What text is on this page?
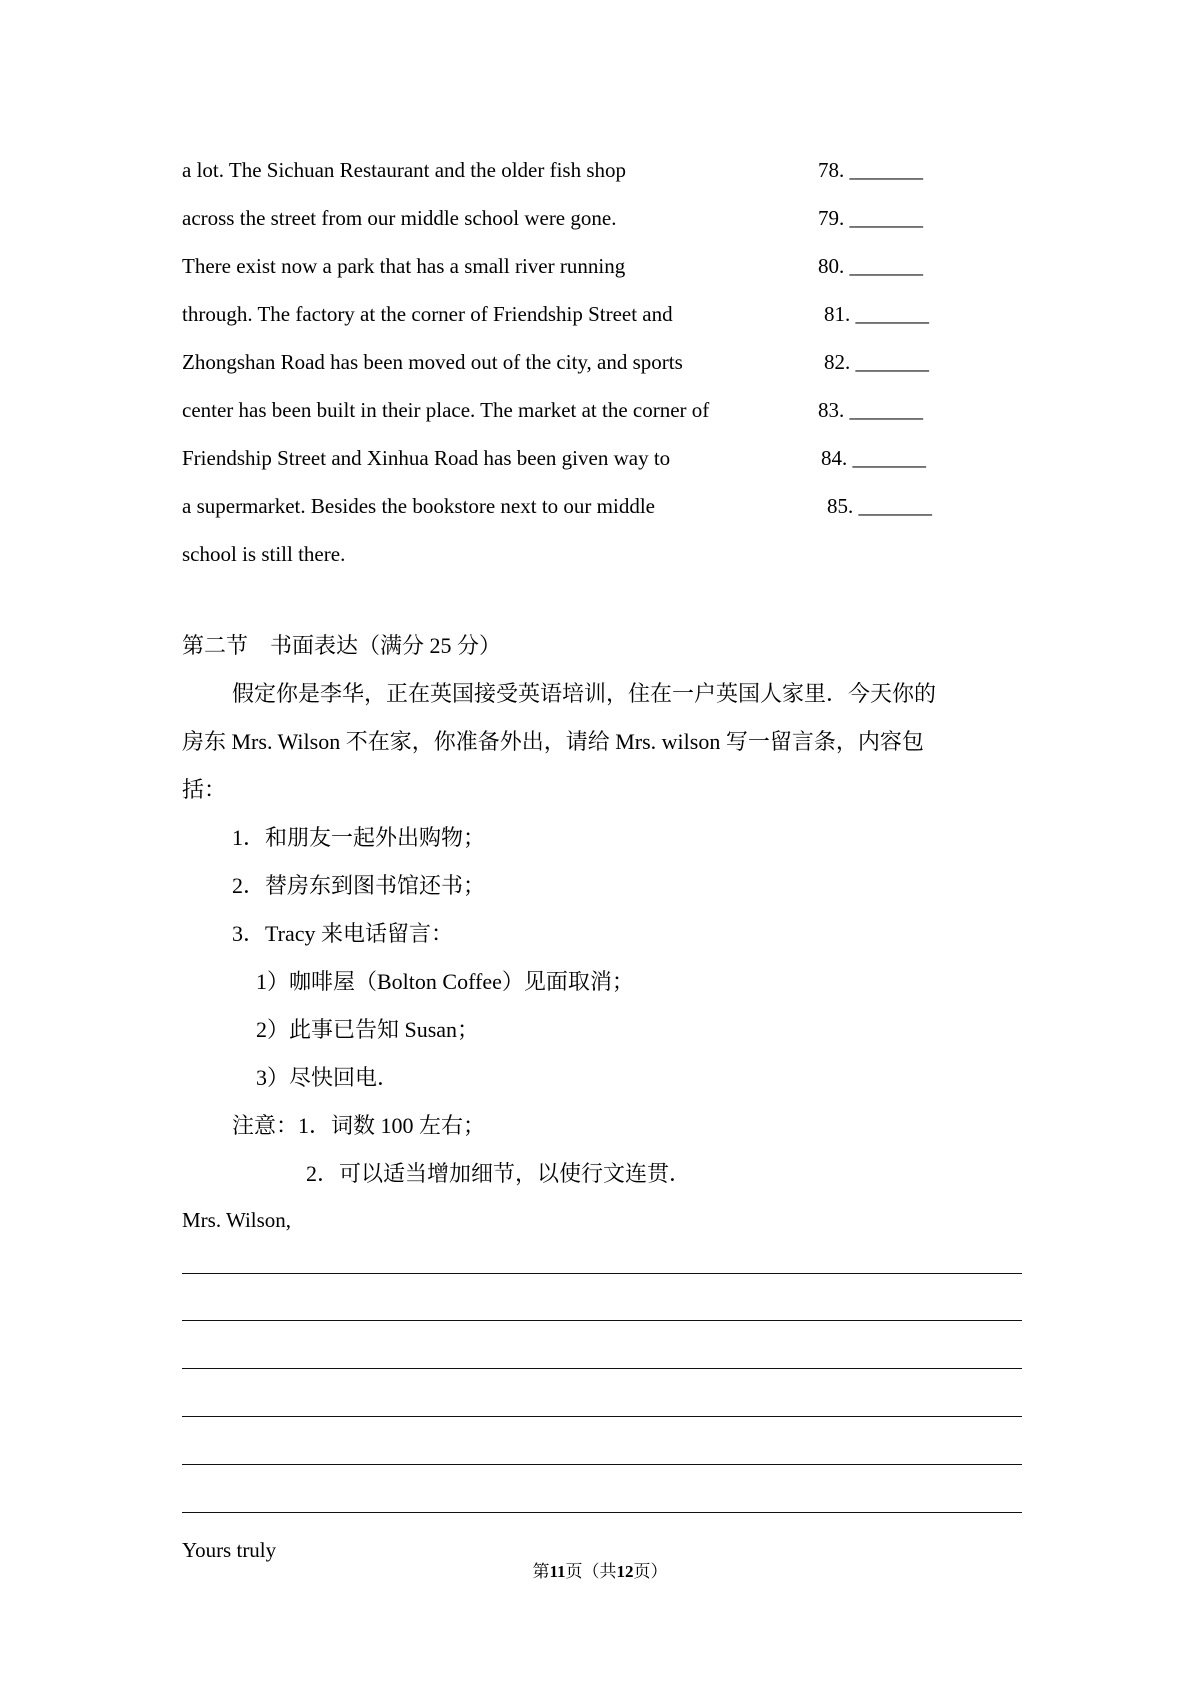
a lot. The Sichuan Restaurant and the older fish shop
across the street from our middle school were gone.
There exist now a park that has a small river running
through. The factory at the corner of Friendship Street and
Zhongshan Road has been moved out of the city, and sports
center has been built in their place. The market at the corner of
Friendship Street and Xinhua Road has been given way to
a supermarket. Besides the bookstore next to our middle
school is still there.
78. _______
79. _______
80. _______
81. _______
82. _______
83. _______
84. _______
85. _______
第二节　书面表达（满分 25 分）
假定你是李华，正在英国接受英语培训，住在一户英国人家里．今天你的
房东 Mrs. Wilson 不在家，你准备外出，请给 Mrs. wilson 写一留言条，内容包
括：
1．和朋友一起外出购物；
2．替房东到图书馆还书；
3．Tracy 来电话留言：
1）咖啡屋（Bolton Coffee）见面取消；
2）此事已告知 Susan；
3）尽快回电．
注意：1．词数 100 左右；
2．可以适当增加细节，以使行文连贯．
Mrs. Wilson,
Yours truly
第11页（共12页）
